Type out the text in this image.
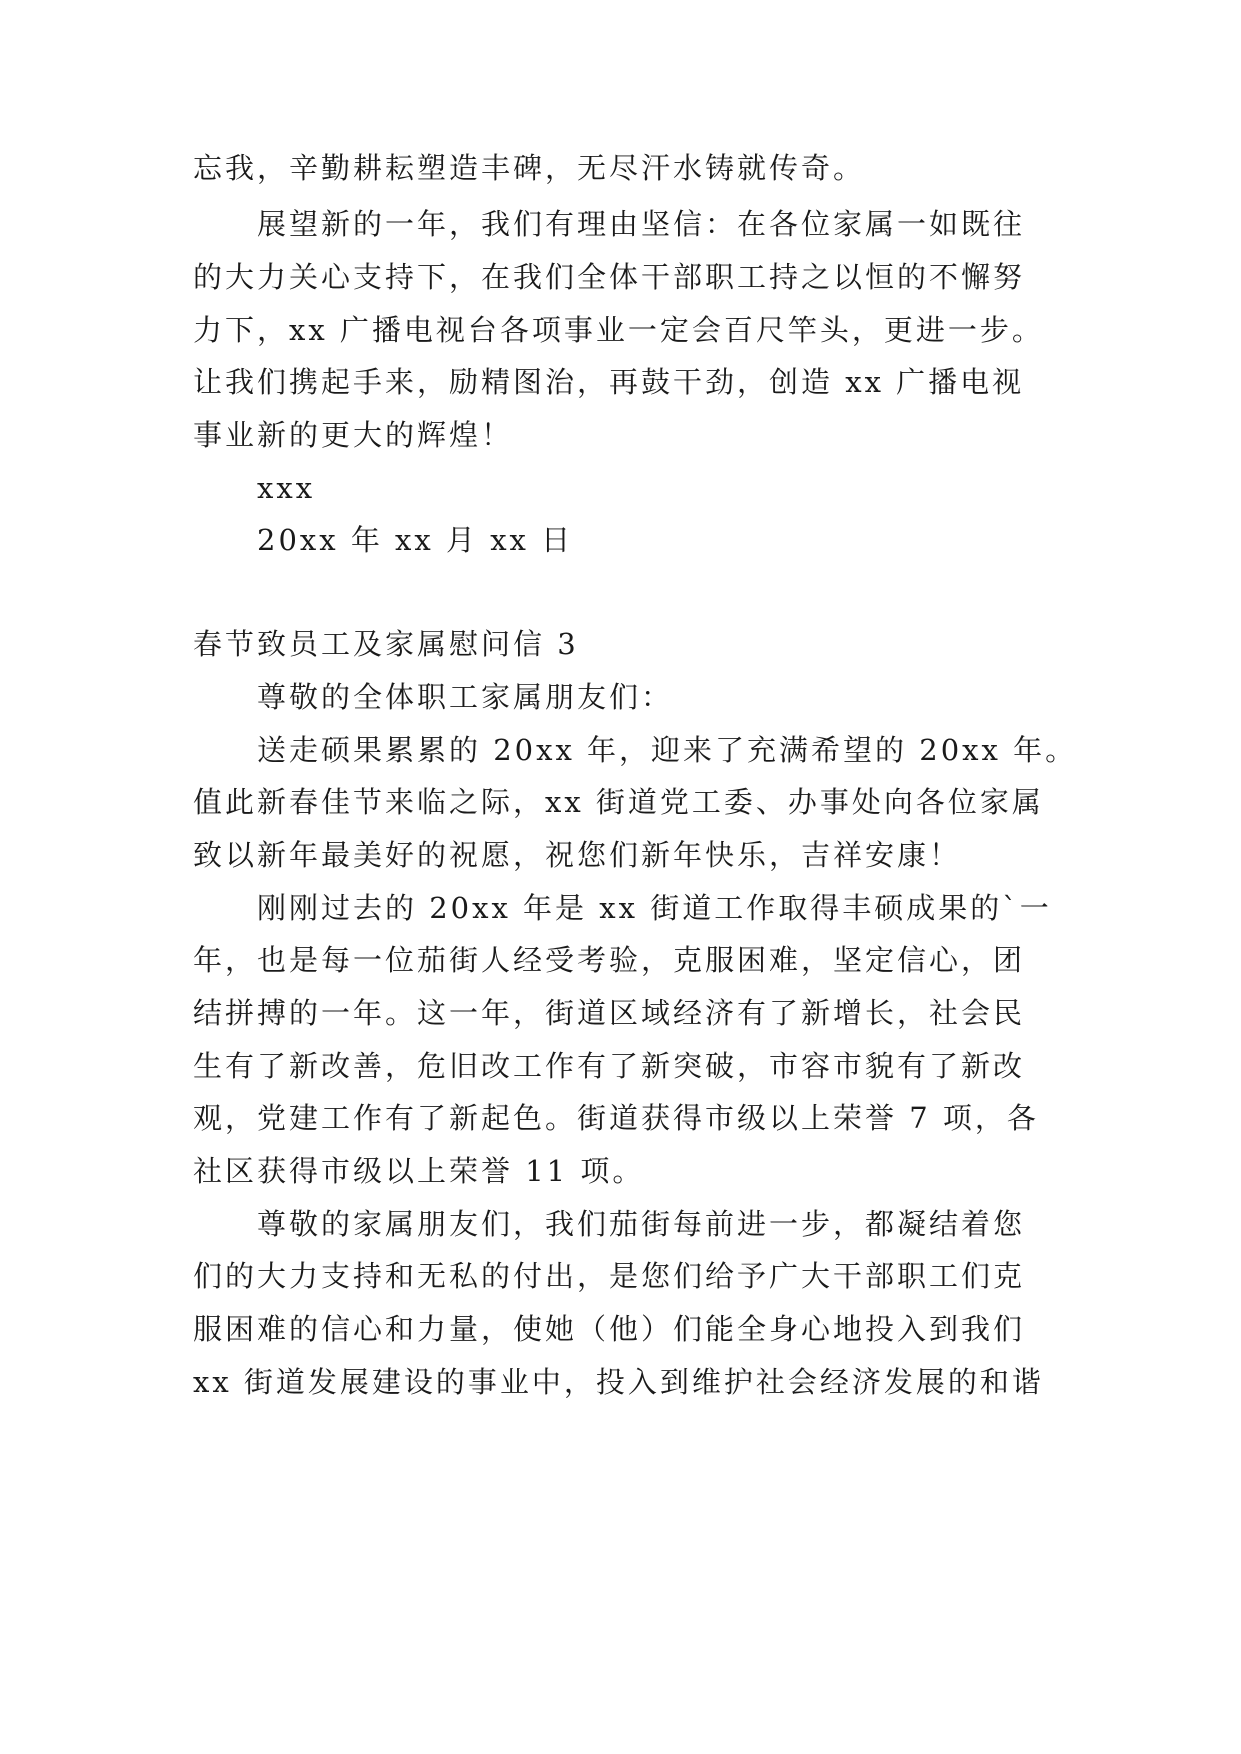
忘我，辛勤耕耘塑造丰碑，无尽汗水铸就传奇。
展望新的一年，我们有理由坚信：在各位家属一如既往
的大力关心支持下，在我们全体干部职工持之以恒的不懈努
力下，xx 广播电视台各项事业一定会百尺竿头，更进一步。
让我们携起手来，励精图治，再鼓干劲，创造 xx 广播电视
事业新的更大的辉煌！
xxx
20xx 年 xx 月 xx 日
春节致员工及家属慰问信 3
尊敬的全体职工家属朋友们：
送走硕果累累的 20xx 年，迎来了充满希望的 20xx 年。
值此新春佳节来临之际，xx 街道党工委、办事处向各位家属
致以新年最美好的祝愿，祝您们新年快乐，吉祥安康！
刚刚过去的 20xx 年是 xx 街道工作取得丰硕成果的`一
年，也是每一位茄街人经受考验，克服困难，坚定信心，团
结拼搏的一年。这一年，街道区域经济有了新增长，社会民
生有了新改善，危旧改工作有了新突破，市容市貌有了新改
观，党建工作有了新起色。街道获得市级以上荣誉 7 项，各
社区获得市级以上荣誉 11 项。
尊敬的家属朋友们，我们茄街每前进一步，都凝结着您
们的大力支持和无私的付出，是您们给予广大干部职工们克
服困难的信心和力量，使她（他）们能全身心地投入到我们
xx 街道发展建设的事业中，投入到维护社会经济发展的和谐
